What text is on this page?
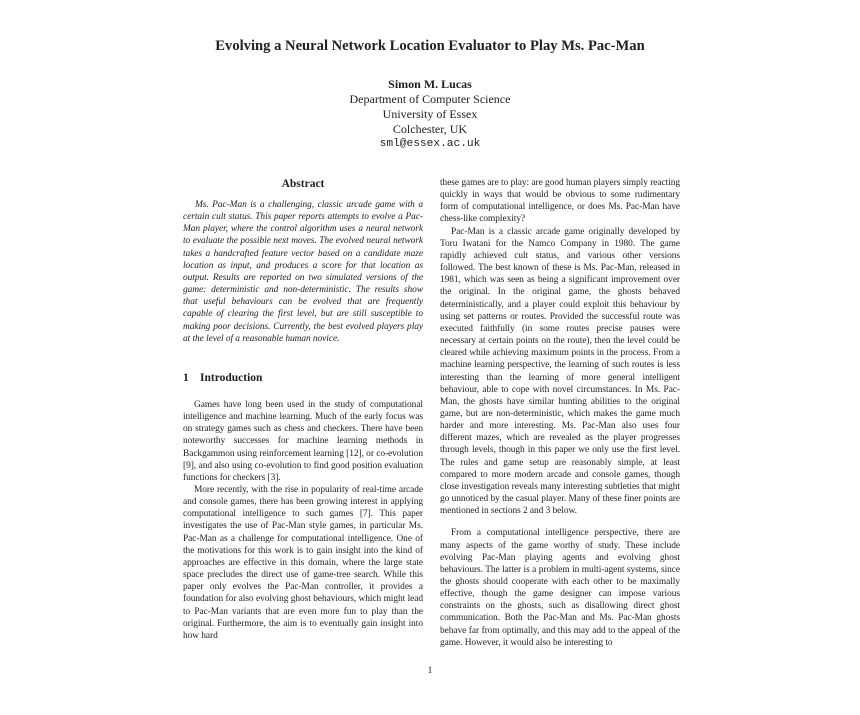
Evolving a Neural Network Location Evaluator to Play Ms. Pac-Man
Simon M. Lucas
Department of Computer Science
University of Essex
Colchester, UK
sml@essex.ac.uk
Abstract

Ms. Pac-Man is a challenging, classic arcade game with a certain cult status. This paper reports attempts to evolve a Pac-Man player, where the control algorithm uses a neural network to evaluate the possible next moves. The evolved neural network takes a handcrafted feature vector based on a candidate maze location as input, and produces a score for that location as output. Results are reported on two simulated versions of the game: deterministic and non-deterministic. The results show that useful behaviours can be evolved that are frequently capable of clearing the first level, but are still susceptible to making poor decisions. Currently, the best evolved players play at the level of a reasonable human novice.

1 Introduction

Games have long been used in the study of computational intelligence and machine learning. Much of the early focus was on strategy games such as chess and checkers. There have been noteworthy successes for machine learning methods in Backgammon using reinforcement learning [12], or co-evolution [9], and also using co-evolution to find good position evaluation functions for checkers [3].

More recently, with the rise in popularity of real-time arcade and console games, there has been growing interest in applying computational intelligence to such games [7]. This paper investigates the use of Pac-Man style games, in particular Ms. Pac-Man as a challenge for computational intelligence. One of the motivations for this work is to gain insight into the kind of approaches are effective in this domain, where the large state space precludes the direct use of game-tree search. While this paper only evolves the Pac-Man controller, it provides a foundation for also evolving ghost behaviours, which might lead to Pac-Man variants that are even more fun to play than the original. Furthermore, the aim is to eventually gain insight into how hard

these games are to play: are good human players simply reacting quickly in ways that would be obvious to some rudimentary form of computational intelligence, or does Ms. Pac-Man have chess-like complexity?

Pac-Man is a classic arcade game originally developed by Toru Iwatani for the Namco Company in 1980. The game rapidly achieved cult status, and various other versions followed. The best known of these is Ms. Pac-Man, released in 1981, which was seen as being a significant improvement over the original. In the original game, the ghosts behaved deterministically, and a player could exploit this behaviour by using set patterns or routes. Provided the successful route was executed faithfully (in some routes precise pauses were necessary at certain points on the route), then the level could be cleared while achieving maximum points in the process. From a machine learning perspective, the learning of such routes is less interesting than the learning of more general intelligent behaviour, able to cope with novel circumstances. In Ms. Pac-Man, the ghosts have similar hunting abilities to the original game, but are non-deterministic, which makes the game much harder and more interesting. Ms. Pac-Man also uses four different mazes, which are revealed as the player progresses through levels, though in this paper we only use the first level. The rules and game setup are reasonably simple, at least compared to more modern arcade and console games, though close investigation reveals many interesting subtleties that might go unnoticed by the casual player. Many of these finer points are mentioned in sections 2 and 3 below.

From a computational intelligence perspective, there are many aspects of the game worthy of study. These include evolving Pac-Man playing agents and evolving ghost behaviours. The latter is a problem in multi-agent systems, since the ghosts should cooperate with each other to be maximally effective, though the game designer can impose various constraints on the ghosts, such as disallowing direct ghost communication. Both the Pac-Man and Ms. Pac-Man ghosts behave far from optimally, and this may add to the appeal of the game. However, it would also be interesting to

1
